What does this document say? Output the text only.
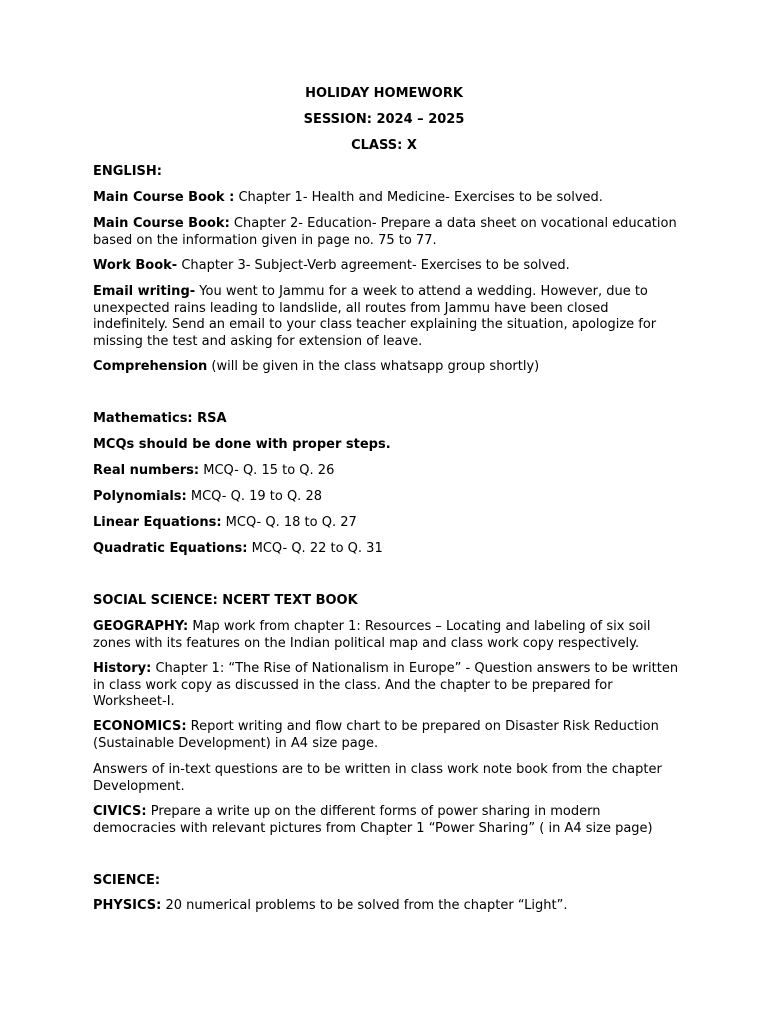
HOLIDAY HOMEWORK
SESSION: 2024 – 2025
CLASS: X

ENGLISH:

Main Course Book : Chapter 1- Health and Medicine- Exercises to be solved.

Main Course Book: Chapter 2- Education- Prepare a data sheet on vocational education based on the information given in page no. 75 to 77.

Work Book- Chapter 3- Subject-Verb agreement- Exercises to be solved.

Email writing- You went to Jammu for a week to attend a wedding. However, due to unexpected rains leading to landslide, all routes from Jammu have been closed indefinitely. Send an email to your class teacher explaining the situation, apologize for missing the test and asking for extension of leave.

Comprehension (will be given in the class whatsapp group shortly)

Mathematics: RSA

MCQs should be done with proper steps.

Real numbers: MCQ- Q. 15 to Q. 26

Polynomials: MCQ- Q. 19 to Q. 28

Linear Equations: MCQ- Q. 18 to Q. 27

Quadratic Equations: MCQ- Q. 22 to Q. 31

SOCIAL SCIENCE: NCERT TEXT BOOK

GEOGRAPHY: Map work from chapter 1: Resources – Locating and labeling of six soil zones with its features on the Indian political map and class work copy respectively.

History: Chapter 1: “The Rise of Nationalism in Europe” - Question answers to be written in class work copy as discussed in the class. And the chapter to be prepared for Worksheet-I.

ECONOMICS: Report writing and flow chart to be prepared on Disaster Risk Reduction (Sustainable Development) in A4 size page.

Answers of in-text questions are to be written in class work note book from the chapter Development.

CIVICS: Prepare a write up on the different forms of power sharing in modern democracies with relevant pictures from Chapter 1 “Power Sharing” ( in A4 size page)

SCIENCE:

PHYSICS: 20 numerical problems to be solved from the chapter “Light”.
